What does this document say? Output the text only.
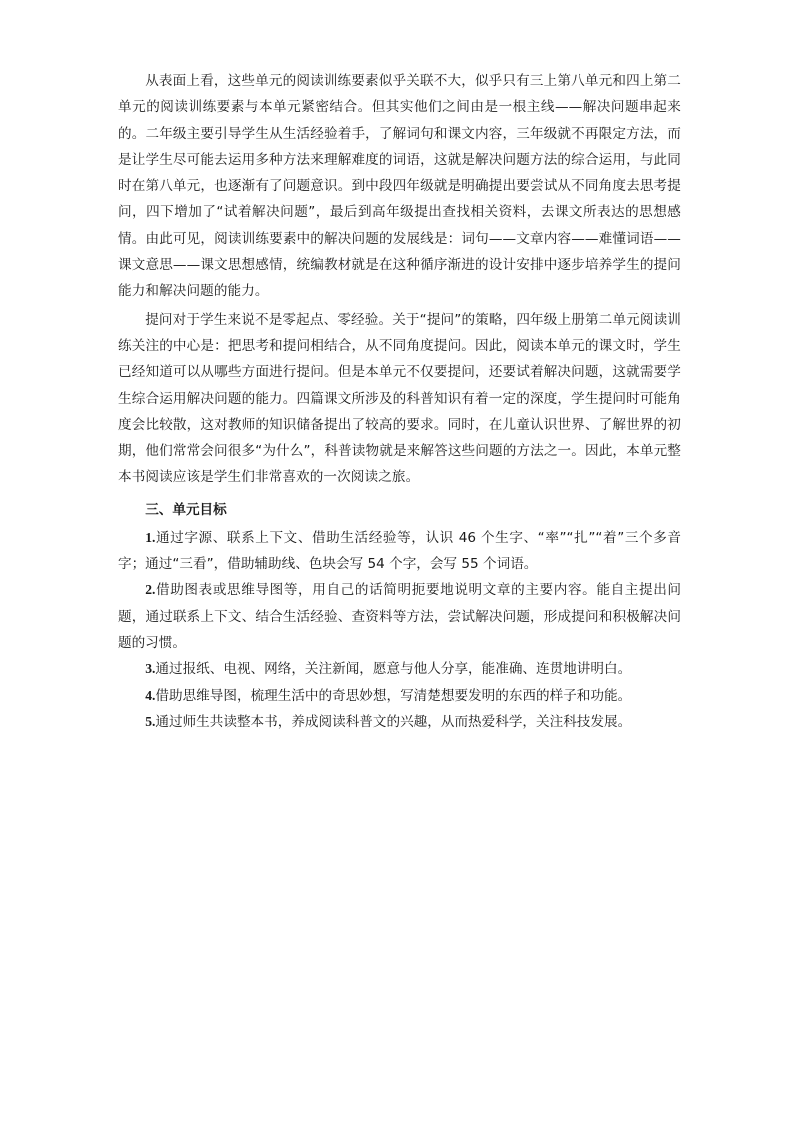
从表面上看，这些单元的阅读训练要素似乎关联不大，似乎只有三上第八单元和四上第二单元的阅读训练要素与本单元紧密结合。但其实他们之间由是一根主线——解决问题串起来的。二年级主要引导学生从生活经验着手，了解词句和课文内容，三年级就不再限定方法，而是让学生尽可能去运用多种方法来理解难度的词语，这就是解决问题方法的综合运用，与此同时在第八单元，也逐渐有了问题意识。到中段四年级就是明确提出要尝试从不同角度去思考提问，四下增加了“试着解决问题”，最后到高年级提出查找相关资料，去课文所表达的思想感情。由此可见，阅读训练要素中的解决问题的发展线是：词句——文章内容——难懂词语——课文意思——课文思想感情，统编教材就是在这种循序渐进的设计安排中逐步培养学生的提问能力和解决问题的能力。

提问对于学生来说不是零起点、零经验。关于“提问”的策略，四年级上册第二单元阅读训练关注的中心是：把思考和提问相结合，从不同角度提问。因此，阅读本单元的课文时，学生已经知道可以从哪些方面进行提问。但是本单元不仅要提问，还要试着解决问题，这就需要学生综合运用解决问题的能力。四篇课文所涉及的科普知识有着一定的深度，学生提问时可能角度会比较散，这对教师的知识储备提出了较高的要求。同时，在儿童认识世界、了解世界的初期，他们常常会问很多“为什么”，科普读物就是来解答这些问题的方法之一。因此，本单元整本书阅读应该是学生们非常喜欢的一次阅读之旅。

三、单元目标

1.通过字源、联系上下文、借助生活经验等，认识 46 个生字、“率”“扎”“着”三个多音字；通过“三看”，借助辅助线、色块会写 54 个字，会写 55 个词语。

2.借助图表或思维导图等，用自己的话简明扼要地说明文章的主要内容。能自主提出问题，通过联系上下文、结合生活经验、查资料等方法，尝试解决问题，形成提问和积极解决问题的习惯。

3.通过报纸、电视、网络，关注新闻，愿意与他人分享，能准确、连贯地讲明白。

4.借助思维导图，梳理生活中的奇思妙想，写清楚想要发明的东西的样子和功能。

5.通过师生共读整本书，养成阅读科普文的兴趣，从而热爱科学，关注科技发展。
